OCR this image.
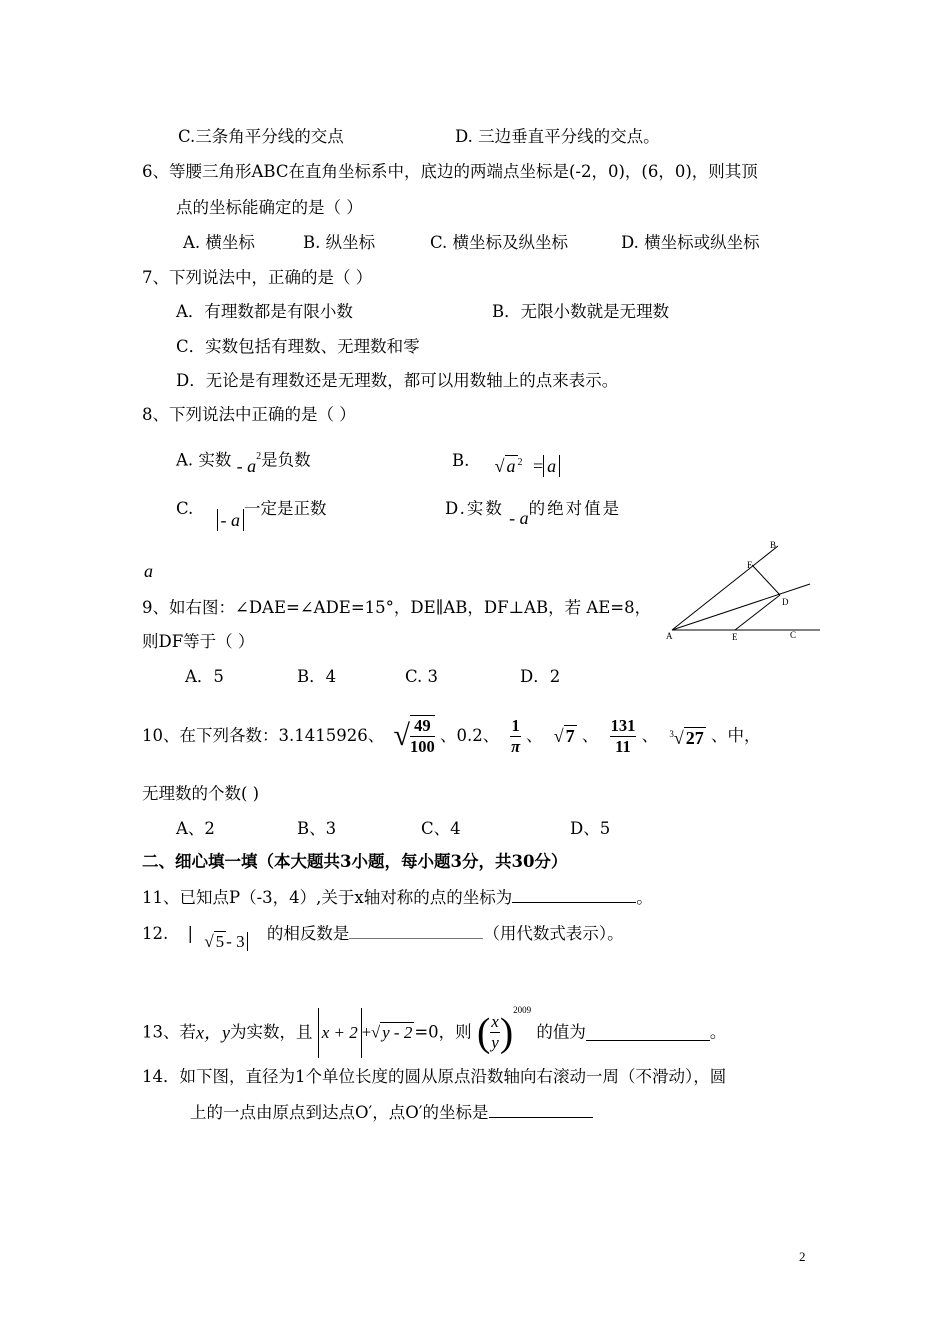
C.三条角平分线的交点	D. 三边垂直平分线的交点。
6、等腰三角形ABC在直角坐标系中，底边的两端点坐标是(-2，0)，(6，0)，则其顶
点的坐标能确定的是（ ）
A. 横坐标	B. 纵坐标	C. 横坐标及纵坐标	D. 横坐标或纵坐标
7、下列说法中，正确的是（ ）
A．有理数都是有限小数	B．无限小数就是无理数
C．实数包括有理数、无理数和零
D．无论是有理数还是无理数，都可以用数轴上的点来表示。
8、下列说法中正确的是（ ）
A. 实数 - $a^2$是负数	B. √ a $^2$ = a
C. - a一定是正数	D.实数 - a的绝对值是
a
9、如右图：∠DAE=∠ADE=15°，DE∥AB，DF⊥AB，若 AE=8，
则DF等于（ ）
A．5	B．4	C. 3	D．2
A
B
C
D
E
F
10、在下列各数：3.1415926、 √ $\frac{49}{100}$ 、0.2、 $\frac{1}{\pi}$ 、 √ 7 、 $\frac{131}{11}$ 、 $^3$√ 27 、中，
无理数的个数( )
A、2	B、3	C、4	D、5
二、细心填一填（本大题共3小题，每小题3分，共30分）
11、已知点P（-3，4）,关于x轴对称的点的坐标为	。
12. | √ 5 - 3 的相反数是	（用代数式表示）。
13、若x，y为实数，且 x + 2 +√ y - 2 =0，则 ( $\frac{x}{y} )^{2009}$ 的值为	。
14．如下图，直径为1个单位长度的圆从原点沿数轴向右滚动一周（不滑动），圆
上的一点由原点到达点O′，点O′的坐标是
2
